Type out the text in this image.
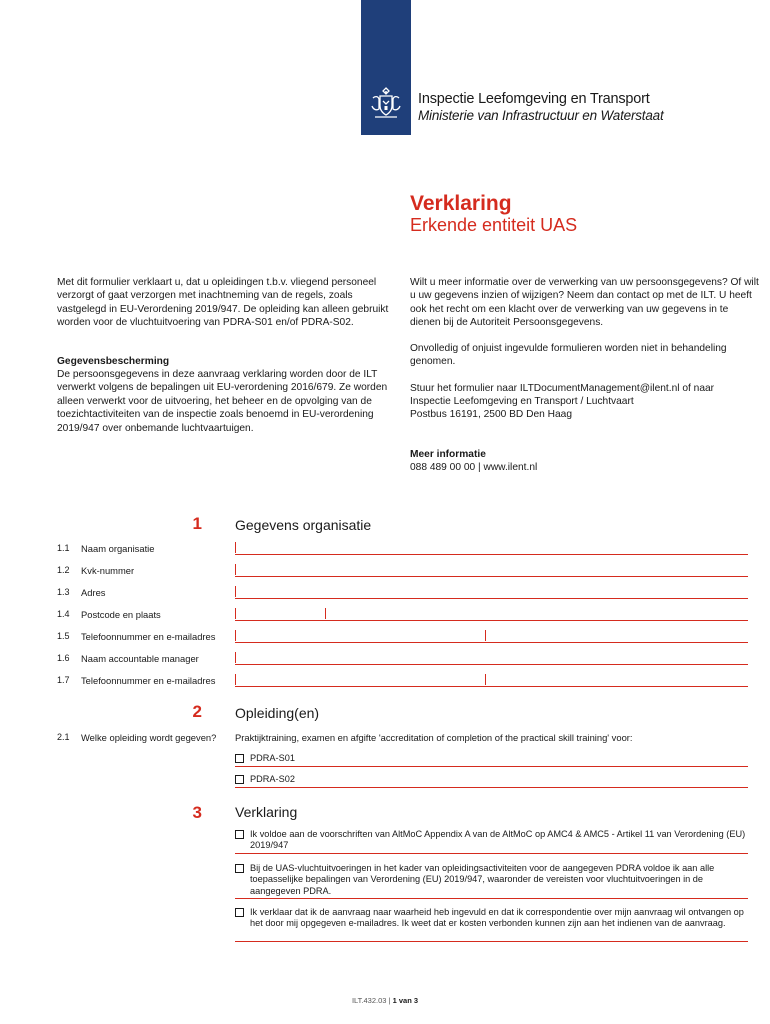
Inspectie Leefomgeving en Transport
Ministerie van Infrastructuur en Waterstaat
Verklaring
Erkende entiteit UAS
Met dit formulier verklaart u, dat u opleidingen t.b.v. vliegend personeel verzorgt of gaat verzorgen met inachtneming van de regels, zoals vastgelegd in EU-Verordening 2019/947. De opleiding kan alleen gebruikt worden voor de vluchtuitvoering van PDRA-S01 en/of PDRA-S02.
Gegevensbescherming
De persoonsgegevens in deze aanvraag verklaring worden door de ILT verwerkt volgens de bepalingen uit EU-verordening 2016/679. Ze worden alleen verwerkt voor de uitvoering, het beheer en de opvolging van de toezichtactiviteiten van de inspectie zoals benoemd in EU-verordening 2019/947 over onbemande luchtvaartuigen.
Wilt u meer informatie over de verwerking van uw persoonsgegevens? Of wilt u uw gegevens inzien of wijzigen? Neem dan contact op met de ILT. U heeft ook het recht om een klacht over de verwerking van uw gegevens in te dienen bij de Autoriteit Persoonsgegevens.
Onvolledig of onjuist ingevulde formulieren worden niet in behandeling genomen.
Stuur het formulier naar ILTDocumentManagement@ilent.nl of naar
Inspectie Leefomgeving en Transport / Luchtvaart
Postbus 16191, 2500 BD Den Haag
Meer informatie
088 489 00 00 | www.ilent.nl
1 Gegevens organisatie
1.1 Naam organisatie
1.2 Kvk-nummer
1.3 Adres
1.4 Postcode en plaats
1.5 Telefoonnummer en e-mailadres
1.6 Naam accountable manager
1.7 Telefoonnummer en e-mailadres
2 Opleiding(en)
2.1 Welke opleiding wordt gegeven? Praktijktraining, examen en afgifte 'accreditation of completion of the practical skill training' voor:
PDRA-S01
PDRA-S02
3 Verklaring
Ik voldoe aan de voorschriften van AltMoC Appendix A van de AltMoC op AMC4 & AMC5 - Artikel 11 van Verordening (EU) 2019/947
Bij de UAS-vluchtuitvoeringen in het kader van opleidingsactiviteiten voor de aangegeven PDRA voldoe ik aan alle toepasselijke bepalingen van Verordening (EU) 2019/947, waaronder de vereisten voor vluchtuitvoeringen in de aangegeven PDRA.
Ik verklaar dat ik de aanvraag naar waarheid heb ingevuld en dat ik correspondentie over mijn aanvraag wil ontvangen op het door mij opgegeven e-mailadres. Ik weet dat er kosten verbonden kunnen zijn aan het indienen van de aanvraag.
ILT.432.03 | 1 van 3
